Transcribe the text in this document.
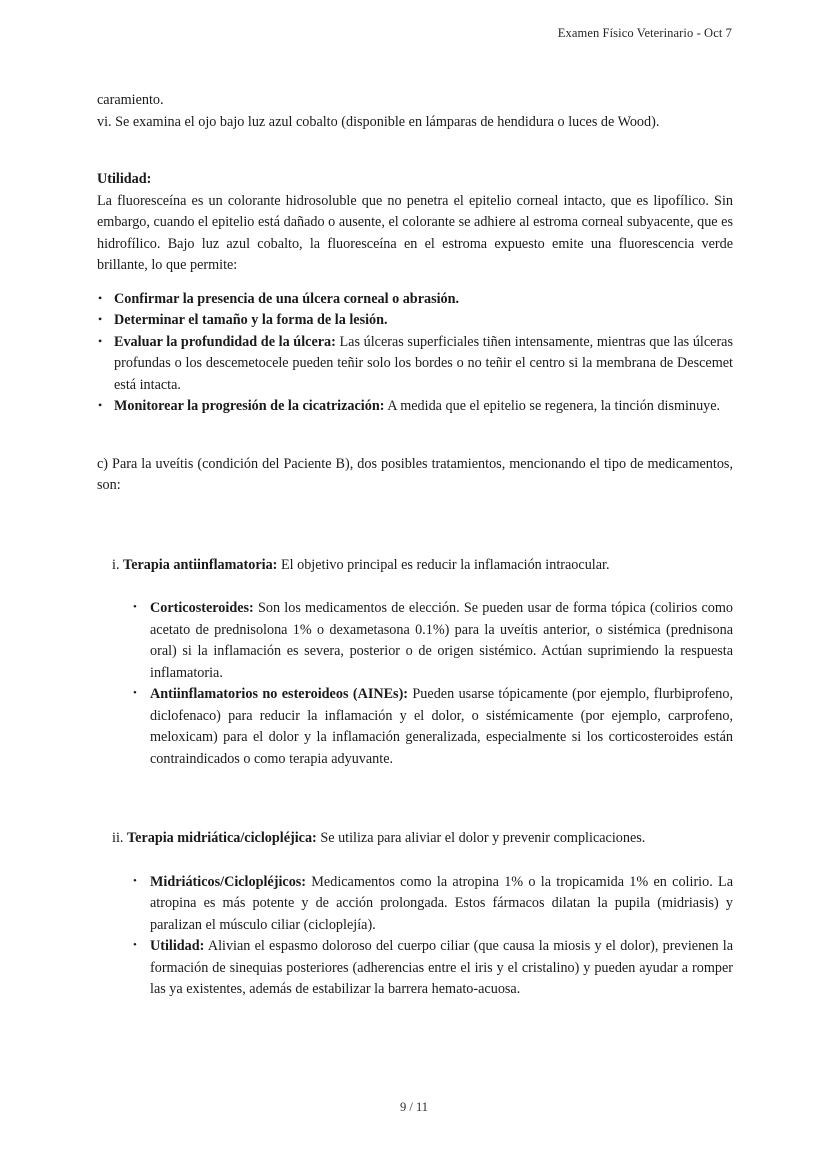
Examen Físico Veterinario - Oct 7

caramiento.

vi. Se examina el ojo bajo luz azul cobalto (disponible en lámparas de hendidura o luces de Wood).

Utilidad:

La fluoresceína es un colorante hidrosoluble que no penetra el epitelio corneal intacto, que es lipofílico. Sin embargo, cuando el epitelio está dañado o ausente, el colorante se adhiere al estroma corneal subyacente, que es hidrofílico. Bajo luz azul cobalto, la fluoresceína en el estroma expuesto emite una fluorescencia verde brillante, lo que permite:

• Confirmar la presencia de una úlcera corneal o abrasión.
• Determinar el tamaño y la forma de la lesión.
• Evaluar la profundidad de la úlcera: Las úlceras superficiales tiñen intensamente, mientras que las úlceras profundas o los descemetocele pueden teñir solo los bordes o no teñir el centro si la membrana de Descemet está intacta.
• Monitorear la progresión de la cicatrización: A medida que el epitelio se regenera, la tinción disminuye.

c) Para la uveítis (condición del Paciente B), dos posibles tratamientos, mencionando el tipo de medicamentos, son:

i. Terapia antiinflamatoria: El objetivo principal es reducir la inflamación intraocular.

• Corticosteroides: Son los medicamentos de elección. Se pueden usar de forma tópica (colirios como acetato de prednisolona 1% o dexametasona 0.1%) para la uveítis anterior, o sistémica (prednisona oral) si la inflamación es severa, posterior o de origen sistémico. Actúan suprimiendo la respuesta inflamatoria.
• Antiinflamatorios no esteroideos (AINEs): Pueden usarse tópicamente (por ejemplo, flurbiprofeno, diclofenaco) para reducir la inflamación y el dolor, o sistémicamente (por ejemplo, carprofeno, meloxicam) para el dolor y la inflamación generalizada, especialmente si los corticosteroides están contraindicados o como terapia adyuvante.

ii. Terapia midriática/ciclopléjica: Se utiliza para aliviar el dolor y prevenir complicaciones.

• Midriáticos/Ciclopléjicos: Medicamentos como la atropina 1% o la tropicamida 1% en colirio. La atropina es más potente y de acción prolongada. Estos fármacos dilatan la pupila (midriasis) y paralizan el músculo ciliar (cicloplejía).
• Utilidad: Alivian el espasmo doloroso del cuerpo ciliar (que causa la miosis y el dolor), previenen la formación de sinequias posteriores (adherencias entre el iris y el cristalino) y pueden ayudar a romper las ya existentes, además de estabilizar la barrera hemato-acuosa.
9 / 11
